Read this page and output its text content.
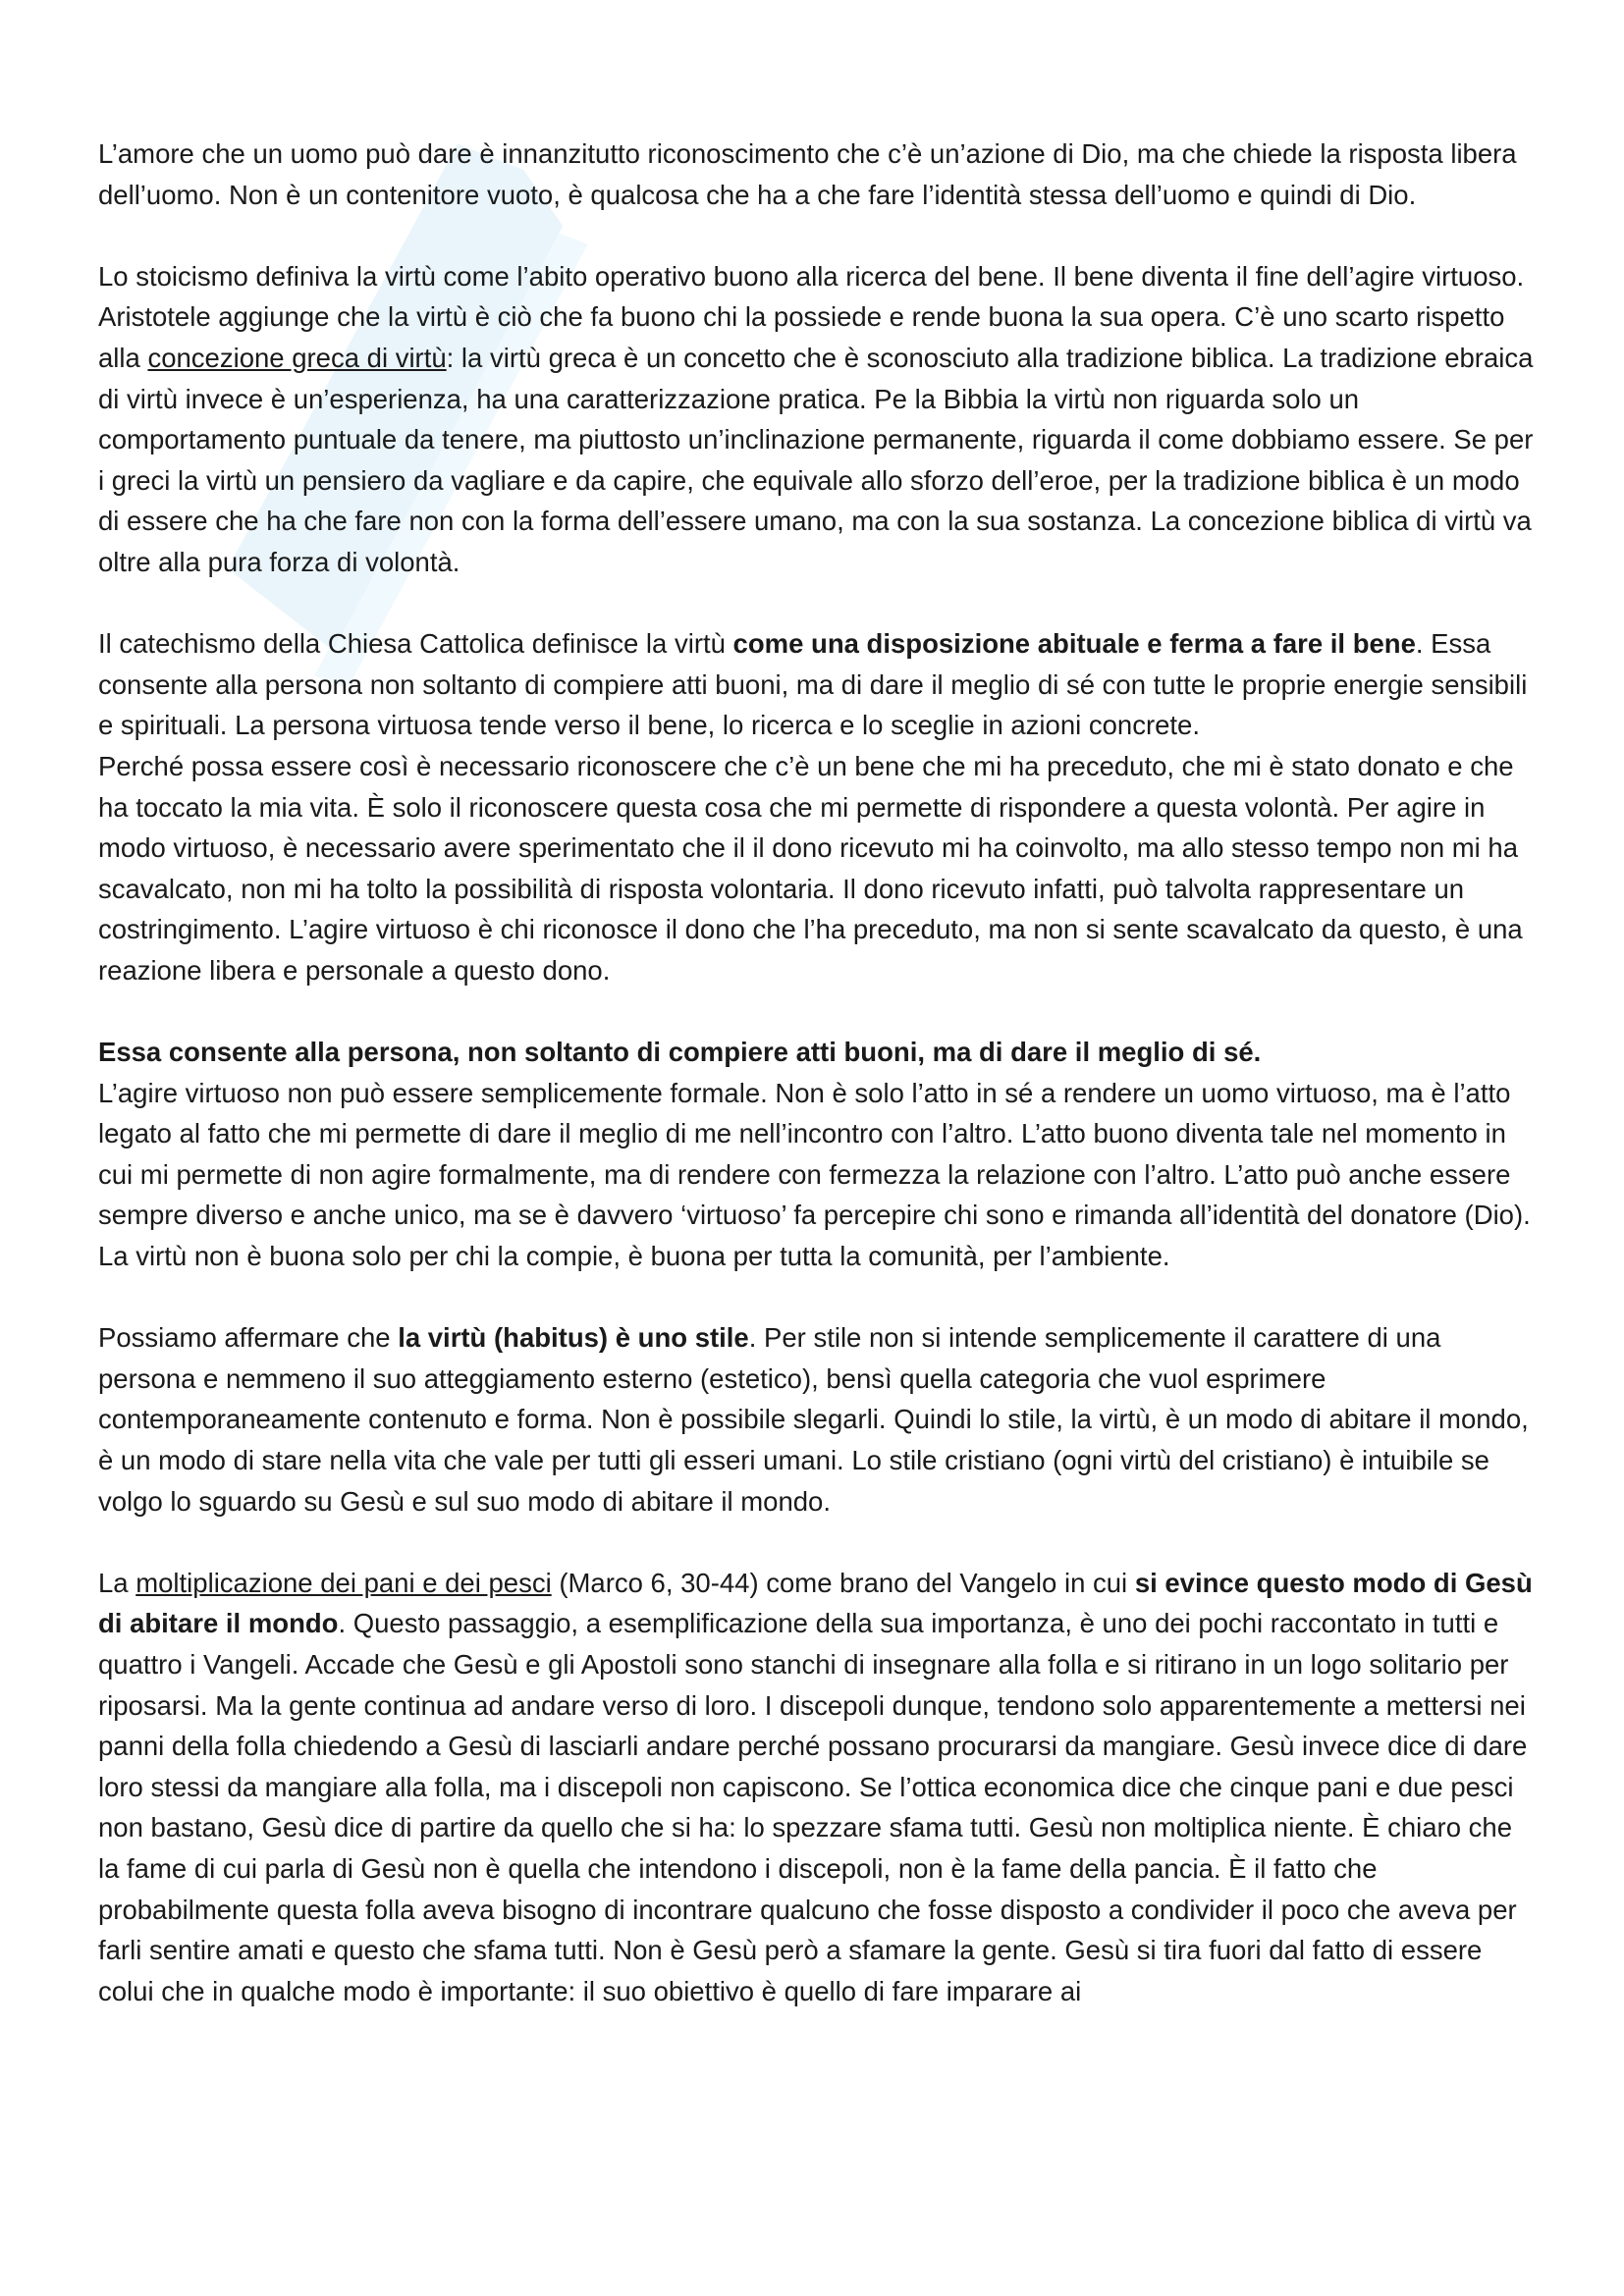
L’amore che un uomo può dare è innanzitutto riconoscimento che c’è un’azione di Dio, ma che chiede la risposta libera dell’uomo. Non è un contenitore vuoto, è qualcosa che ha a che fare l’identità stessa dell’uomo e quindi di Dio.

Lo stoicismo definiva la virtù come l’abito operativo buono alla ricerca del bene. Il bene diventa il fine dell’agire virtuoso. Aristotele aggiunge che la virtù è ciò che fa buono chi la possiede e rende buona la sua opera. C’è uno scarto rispetto alla concezione greca di virtù: la virtù greca è un concetto che è sconosciuto alla tradizione biblica. La tradizione ebraica di virtù invece è un’esperienza, ha una caratterizzazione pratica. Pe la Bibbia la virtù non riguarda solo un comportamento puntuale da tenere, ma piuttosto un’inclinazione permanente, riguarda il come dobbiamo essere. Se per i greci la virtù un pensiero da vagliare e da capire, che equivale allo sforzo dell’eroe, per la tradizione biblica è un modo di essere che ha che fare non con la forma dell’essere umano, ma con la sua sostanza. La concezione biblica di virtù va oltre alla pura forza di volontà.

Il catechismo della Chiesa Cattolica definisce la virtù come una disposizione abituale e ferma a fare il bene. Essa consente alla persona non soltanto di compiere atti buoni, ma di dare il meglio di sé con tutte le proprie energie sensibili e spirituali. La persona virtuosa tende verso il bene, lo ricerca e lo sceglie in azioni concrete.

Perché possa essere così è necessario riconoscere che c’è un bene che mi ha preceduto, che mi è stato donato e che ha toccato la mia vita. È solo il riconoscere questa cosa che mi permette di rispondere a questa volontà. Per agire in modo virtuoso, è necessario avere sperimentato che il il dono ricevuto mi ha coinvolto, ma allo stesso tempo non mi ha scavalcato, non mi ha tolto la possibilità di risposta volontaria. Il dono ricevuto infatti, può talvolta rappresentare un costringimento. L’agire virtuoso è chi riconosce il dono che l’ha preceduto, ma non si sente scavalcato da questo, è una reazione libera e personale a questo dono.

Essa consente alla persona, non soltanto di compiere atti buoni, ma di dare il meglio di sé.

L’agire virtuoso non può essere semplicemente formale. Non è solo l’atto in sé a rendere un uomo virtuoso, ma è l’atto legato al fatto che mi permette di dare il meglio di me nell’incontro con l’altro. L’atto buono diventa tale nel momento in cui mi permette di non agire formalmente, ma di rendere con fermezza la relazione con l’altro. L’atto può anche essere sempre diverso e anche unico, ma se è davvero ‘virtuoso’ fa percepire chi sono e rimanda all’identità del donatore (Dio). La virtù non è buona solo per chi la compie, è buona per tutta la comunità, per l’ambiente.

Possiamo affermare che la virtù (habitus) è uno stile. Per stile non si intende semplicemente il carattere di una persona e nemmeno il suo atteggiamento esterno (estetico), bensì quella categoria che vuol esprimere contemporaneamente contenuto e forma. Non è possibile slegarli. Quindi lo stile, la virtù, è un modo di abitare il mondo, è un modo di stare nella vita che vale per tutti gli esseri umani. Lo stile cristiano (ogni virtù del cristiano) è intuibile se volgo lo sguardo su Gesù e sul suo modo di abitare il mondo.

La moltiplicazione dei pani e dei pesci (Marco 6, 30-44) come brano del Vangelo in cui si evince questo modo di Gesù di abitare il mondo. Questo passaggio, a esemplificazione della sua importanza, è uno dei pochi raccontato in tutti e quattro i Vangeli. Accade che Gesù e gli Apostoli sono stanchi di insegnare alla folla e si ritirano in un logo solitario per riposarsi. Ma la gente continua ad andare verso di loro. I discepoli dunque, tendono solo apparentemente a mettersi nei panni della folla chiedendo a Gesù di lasciarli andare perché possano procurarsi da mangiare. Gesù invece dice di dare loro stessi da mangiare alla folla, ma i discepoli non capiscono. Se l’ottica economica dice che cinque pani e due pesci non bastano, Gesù dice di partire da quello che si ha: lo spezzare sfama tutti. Gesù non moltiplica niente. È chiaro che la fame di cui parla di Gesù non è quella che intendono i discepoli, non è la fame della pancia. È il fatto che probabilmente questa folla aveva bisogno di incontrare qualcuno che fosse disposto a condivider il poco che aveva per farli sentire amati e questo che sfama tutti. Non è Gesù però a sfamare la gente. Gesù si tira fuori dal fatto di essere colui che in qualche modo è importante: il suo obiettivo è quello di fare imparare ai
